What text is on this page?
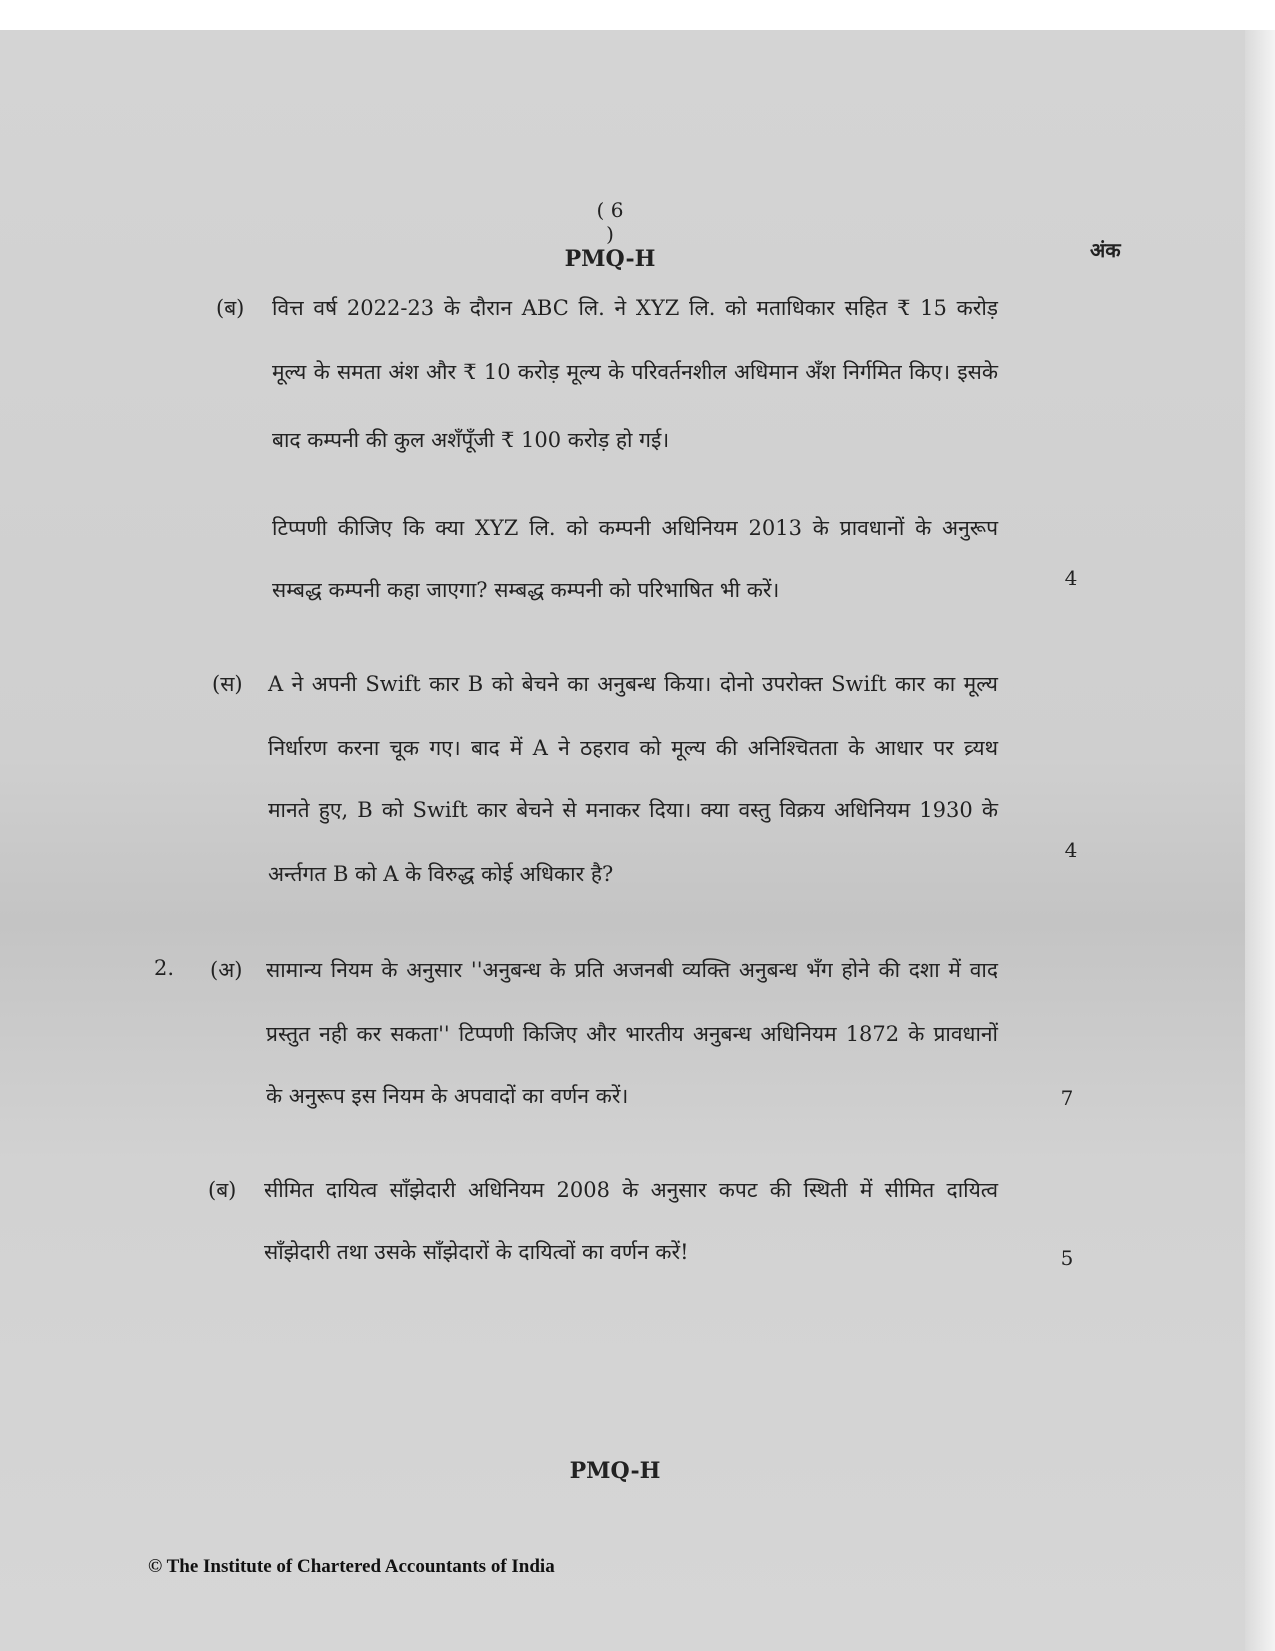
( 6 )
PMQ-H	अंक
(ब) वित्त वर्ष 2022-23 के दौरान ABC लि. ने XYZ लि. को मताधिकार सहित ₹ 15 करोड़
मूल्य के समता अंश और ₹ 10 करोड़ मूल्य के परिवर्तनशील अधिमान अँश निर्गमित किए। इसके
बाद कम्पनी की कुल अशँपूँजी ₹ 100 करोड़ हो गई।
टिप्पणी कीजिए कि क्या XYZ लि. को कम्पनी अधिनियम 2013 के प्रावधानों के अनुरूप
सम्बद्ध कम्पनी कहा जाएगा? सम्बद्ध कम्पनी को परिभाषित भी करें।	4
(स) A ने अपनी Swift कार B को बेचने का अनुबन्ध किया। दोनो उपरोक्त Swift कार का मूल्य
निर्धारण करना चूक गए। बाद में A ने ठहराव को मूल्य की अनिश्चितता के आधार पर व्र्यथ
मानते हुए, B को Swift कार बेचने से मनाकर दिया। क्या वस्तु विक्रय अधिनियम 1930 के
अर्न्तगत B को A के विरुद्ध कोई अधिकार है?
4
2. (अ) सामान्य नियम के अनुसार ''अनुबन्ध के प्रति अजनबी व्यक्ति अनुबन्ध भँग होने की दशा में वाद
प्रस्तुत नही कर सकता'' टिप्पणी किजिए और भारतीय अनुबन्ध अधिनियम 1872 के प्रावधानों
के अनुरूप इस नियम के अपवादों का वर्णन करें।	7
(ब) सीमित दायित्व साँझेदारी अधिनियम 2008 के अनुसार कपट की स्थिती में सीमित दायित्व
साँझेदारी तथा उसके साँझेदारों के दायित्वों का वर्णन करें!	5
PMQ-H
© The Institute of Chartered Accountants of India
